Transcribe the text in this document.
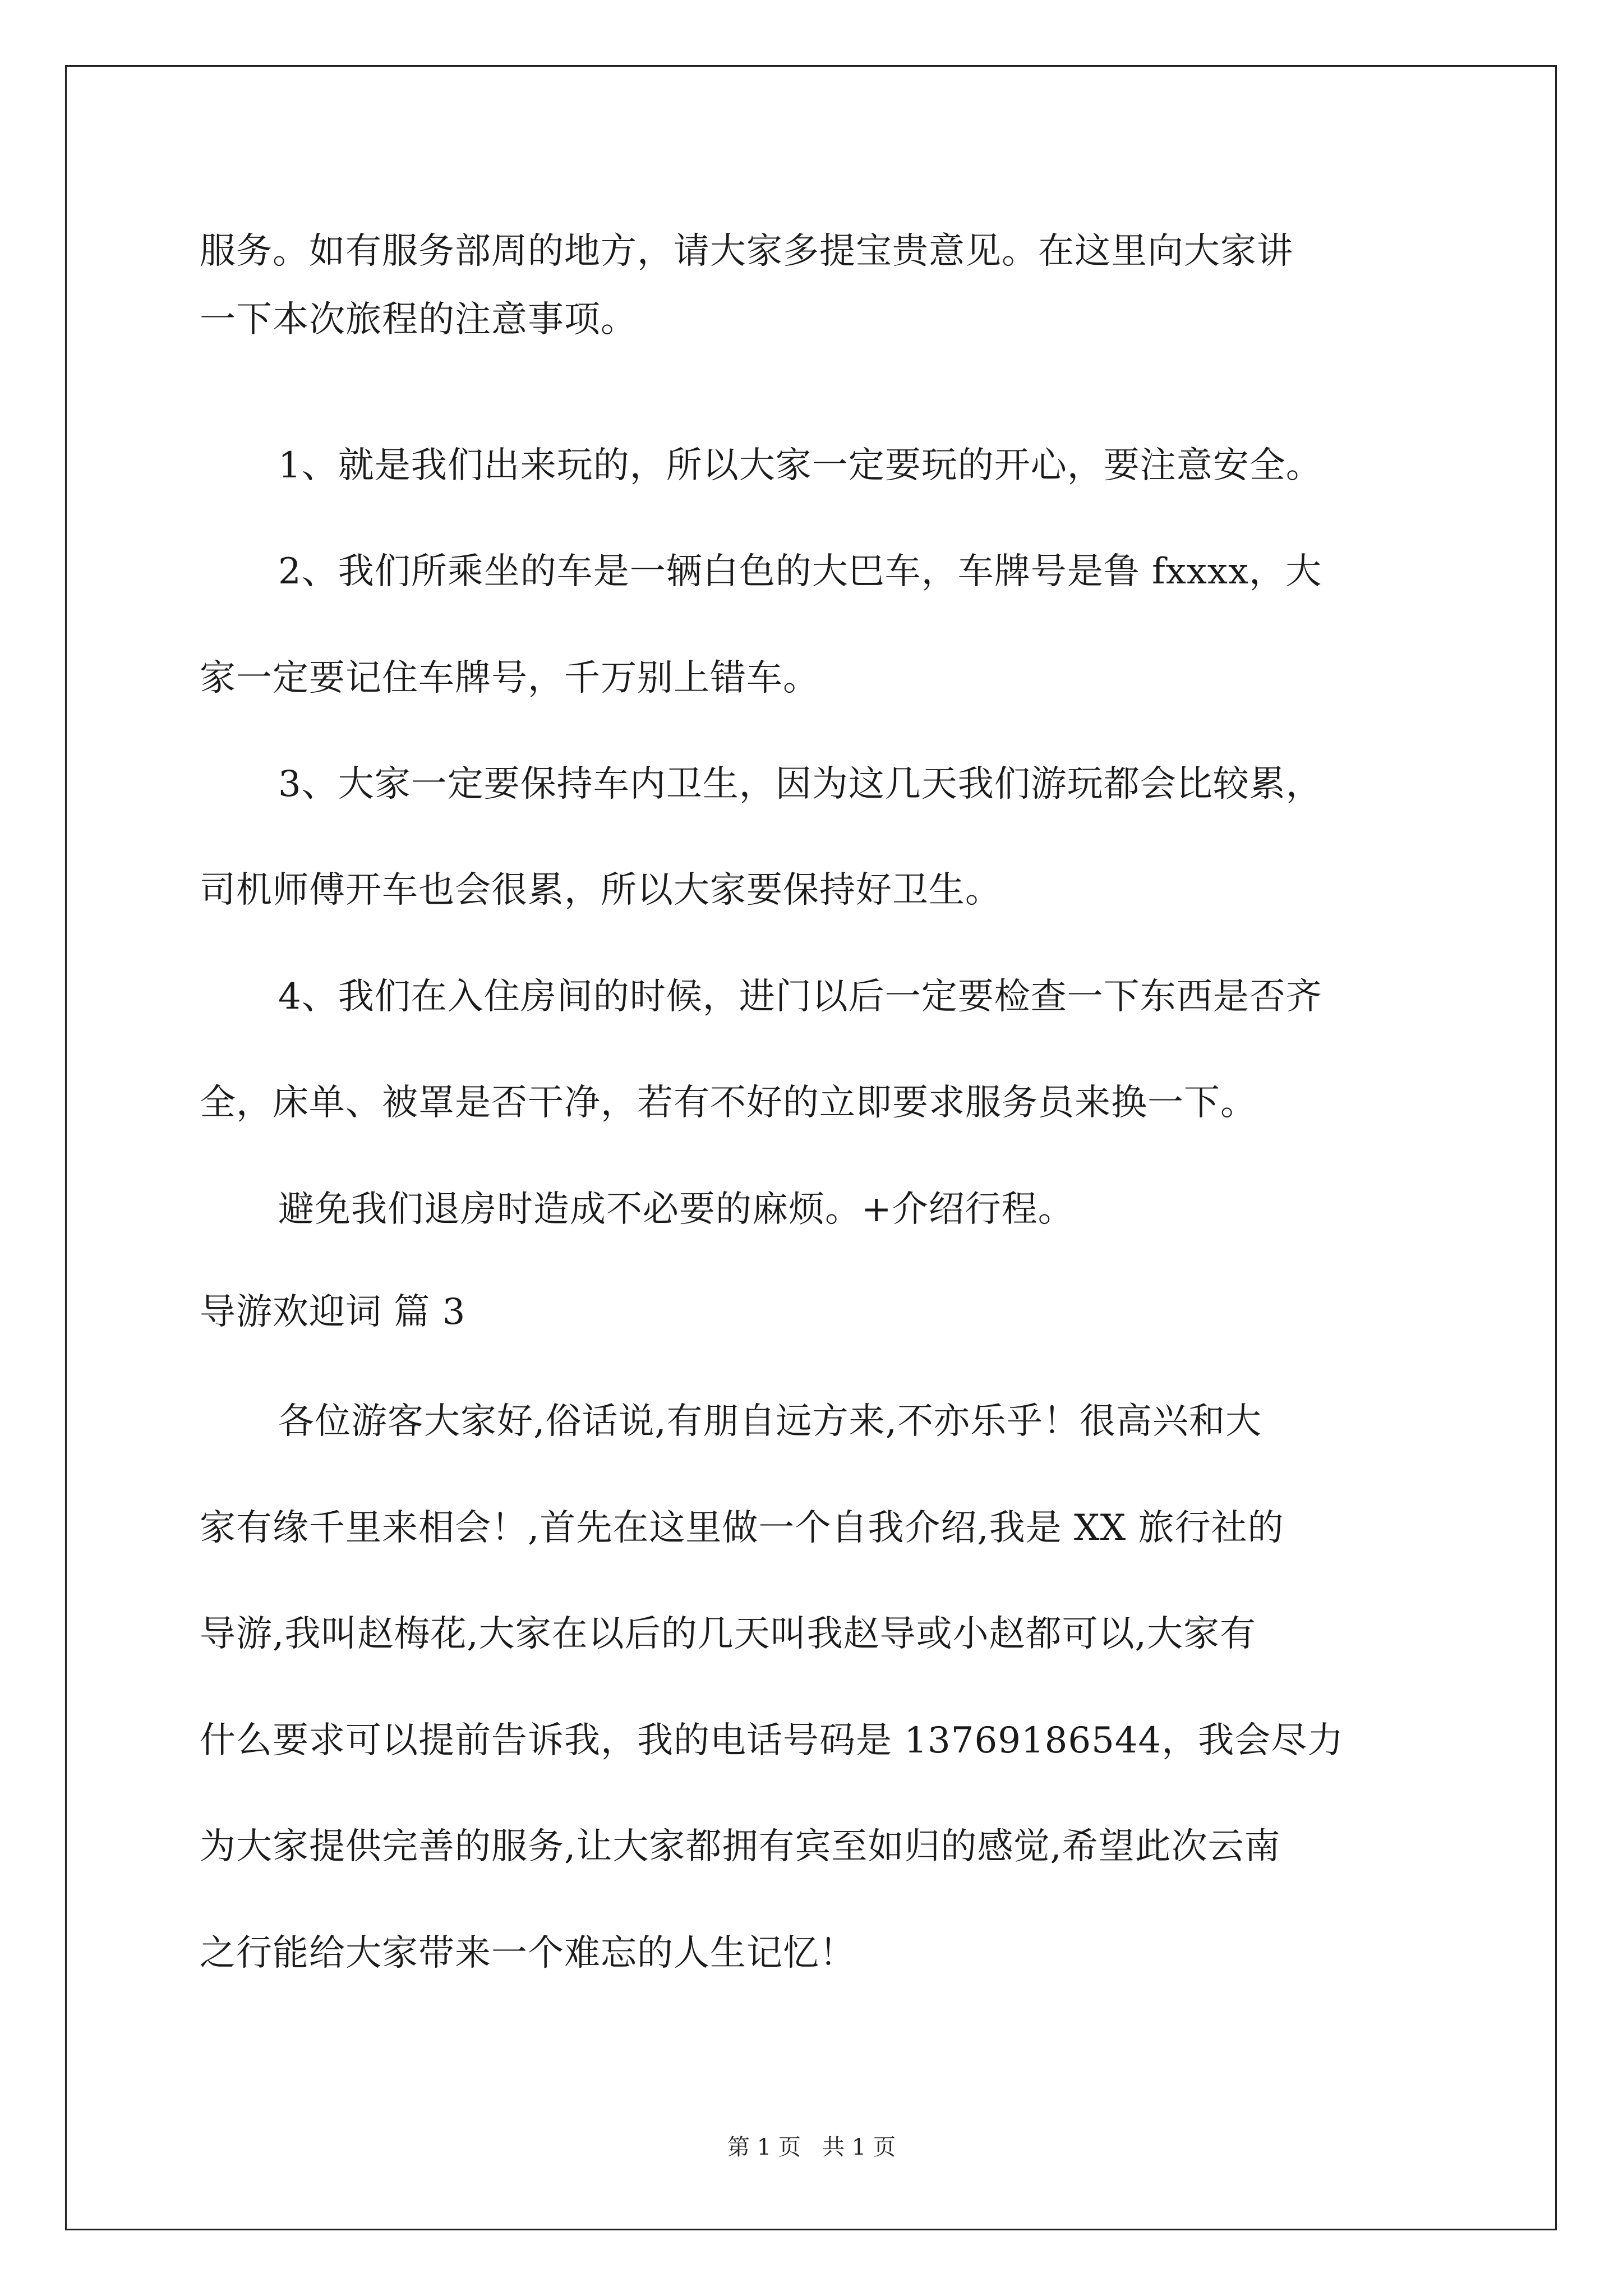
服务。如有服务部周的地方，请大家多提宝贵意见。在这里向大家讲
一下本次旅程的注意事项。
1、就是我们出来玩的，所以大家一定要玩的开心，要注意安全。
2、我们所乘坐的车是一辆白色的大巴车，车牌号是鲁 fxxxx，大
家一定要记住车牌号，千万别上错车。
3、大家一定要保持车内卫生，因为这几天我们游玩都会比较累，
司机师傅开车也会很累，所以大家要保持好卫生。
4、我们在入住房间的时候，进门以后一定要检查一下东西是否齐
全，床单、被罩是否干净，若有不好的立即要求服务员来换一下。
避免我们退房时造成不必要的麻烦。+介绍行程。
导游欢迎词 篇 3
各位游客大家好,俗话说,有朋自远方来,不亦乐乎！很高兴和大
家有缘千里来相会！,首先在这里做一个自我介绍,我是 XX 旅行社的
导游,我叫赵梅花,大家在以后的几天叫我赵导或小赵都可以,大家有
什么要求可以提前告诉我，我的电话号码是 13769186544，我会尽力
为大家提供完善的服务,让大家都拥有宾至如归的感觉,希望此次云南
之行能给大家带来一个难忘的人生记忆！
第 1 页   共 1 页
